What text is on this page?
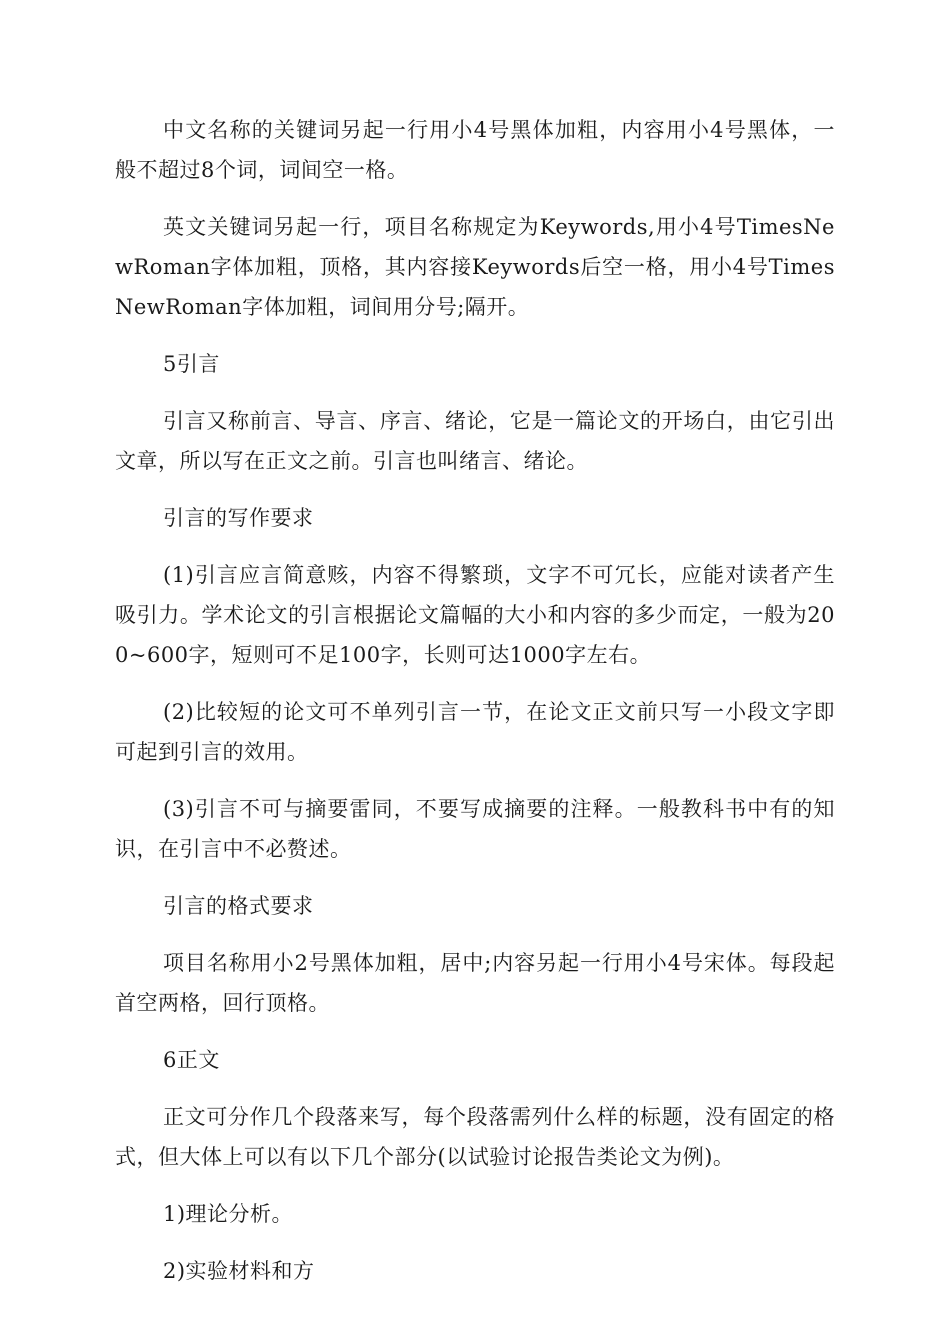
中文名称的关键词另起一行用小4号黑体加粗，内容用小4号黑体，一般不超过8个词，词间空一格。

英文关键词另起一行，项目名称规定为Keywords,用小4号TimesNewRoman字体加粗，顶格，其内容接Keywords后空一格，用小4号TimesNewRoman字体加粗，词间用分号;隔开。

5引言

引言又称前言、导言、序言、绪论，它是一篇论文的开场白，由它引出文章，所以写在正文之前。引言也叫绪言、绪论。

引言的写作要求

(1)引言应言简意赅，内容不得繁琐，文字不可冗长，应能对读者产生吸引力。学术论文的引言根据论文篇幅的大小和内容的多少而定，一般为200~600字，短则可不足100字，长则可达1000字左右。

(2)比较短的论文可不单列引言一节，在论文正文前只写一小段文字即可起到引言的效用。

(3)引言不可与摘要雷同，不要写成摘要的注释。一般教科书中有的知识，在引言中不必赘述。

引言的格式要求

项目名称用小2号黑体加粗，居中;内容另起一行用小4号宋体。每段起首空两格，回行顶格。

6正文

正文可分作几个段落来写，每个段落需列什么样的标题，没有固定的格式，但大体上可以有以下几个部分(以试验讨论报告类论文为例)。

1)理论分析。

2)实验材料和方
